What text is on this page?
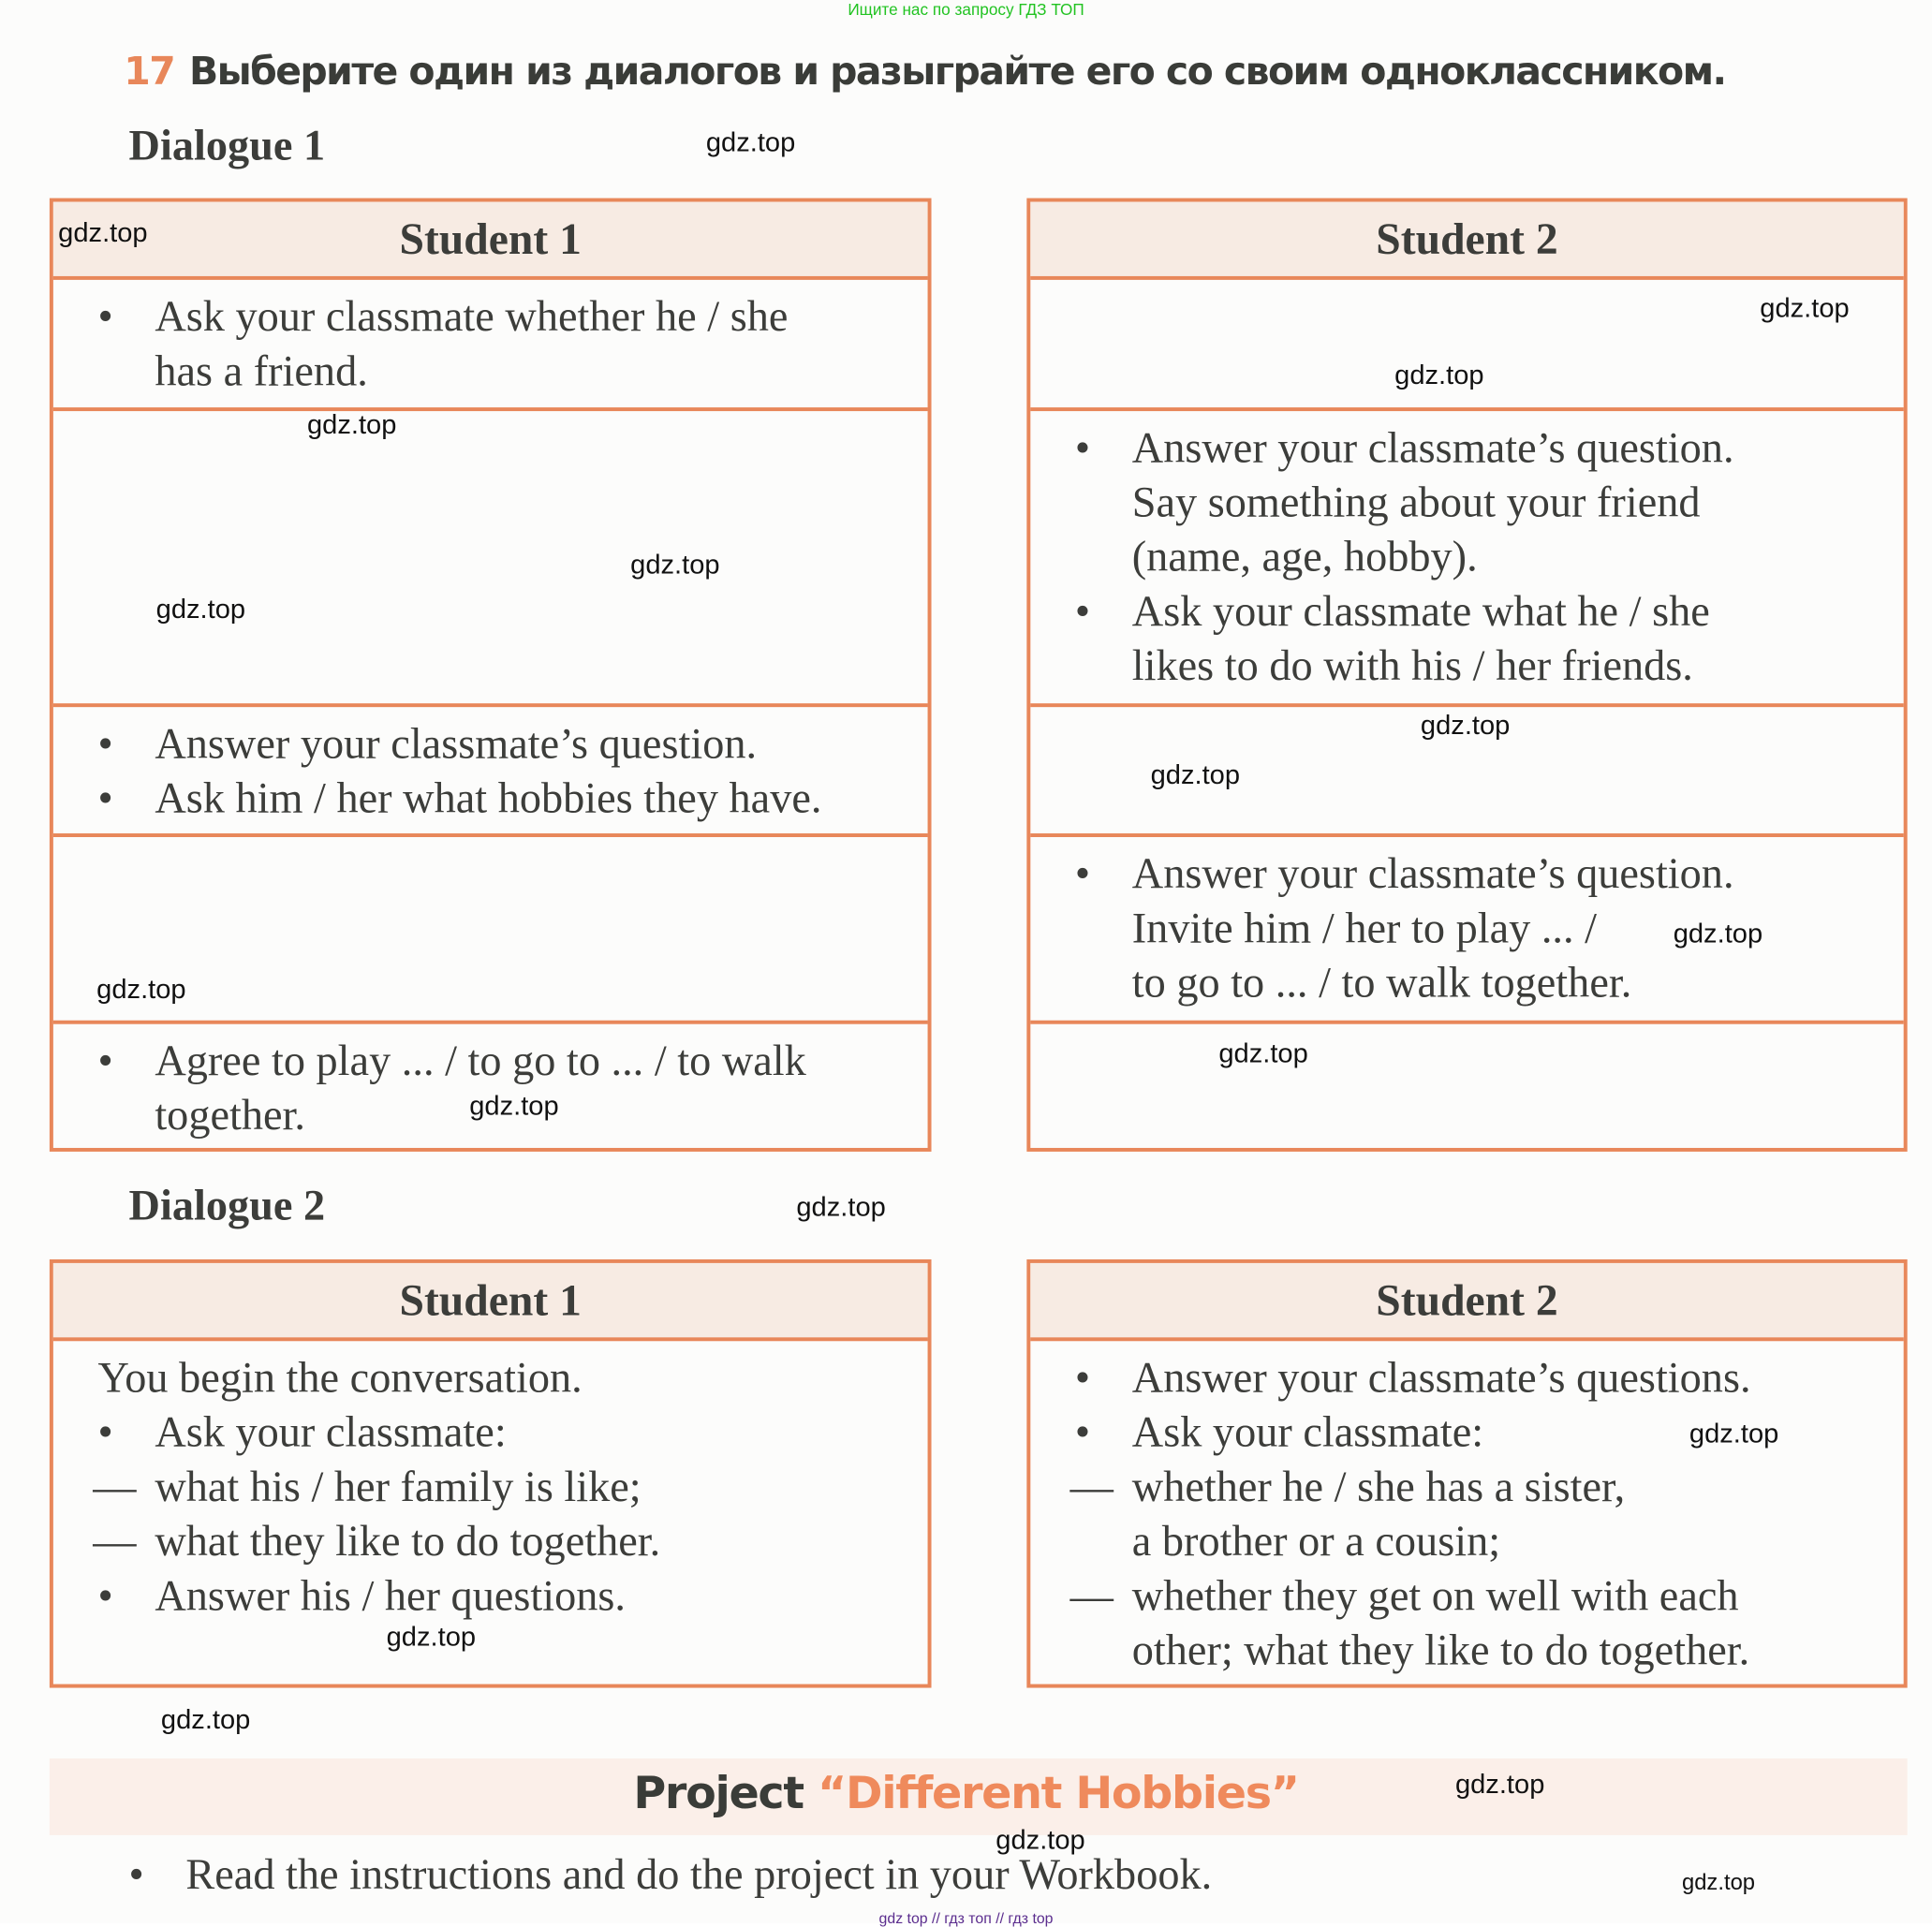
Ищите нас по запросу ГДЗ ТОП
17 Выберите один из диалогов и разыграйте его со своим одноклассником.
Dialogue 1
Student 1
• Ask your classmate whether he / she
has a friend.
• Answer your classmate’s question.
• Ask him / her what hobbies they have.
• Agree to play ... / to go to ... / to walk
together.
Student 2
• Answer your classmate’s question.
Say something about your friend
(name, age, hobby).
• Ask your classmate what he / she
likes to do with his / her friends.
• Answer your classmate’s question.
Invite him / her to play ... /
to go to ... / to walk together.
Dialogue 2
Student 1
You begin the conversation.
• Ask your classmate:
— what his / her family is like;
— what they like to do together.
• Answer his / her questions.
Student 2
• Answer your classmate’s questions.
• Ask your classmate:
— whether he / she has a sister,
a brother or a cousin;
— whether they get on well with each
other; what they like to do together.
Project “Different Hobbies”
• Read the instructions and do the project in your Workbook.
gdz.top
gdz.top
gdz.top
gdz.top
gdz.top
gdz.top
gdz.top
gdz.top
gdz.top
gdz.top
gdz.top
gdz.top
gdz.top
gdz.top
gdz.top
gdz.top
gdz.top
gdz.top
gdz.top
gdz.top
gdz top // гдз топ // гдз top
